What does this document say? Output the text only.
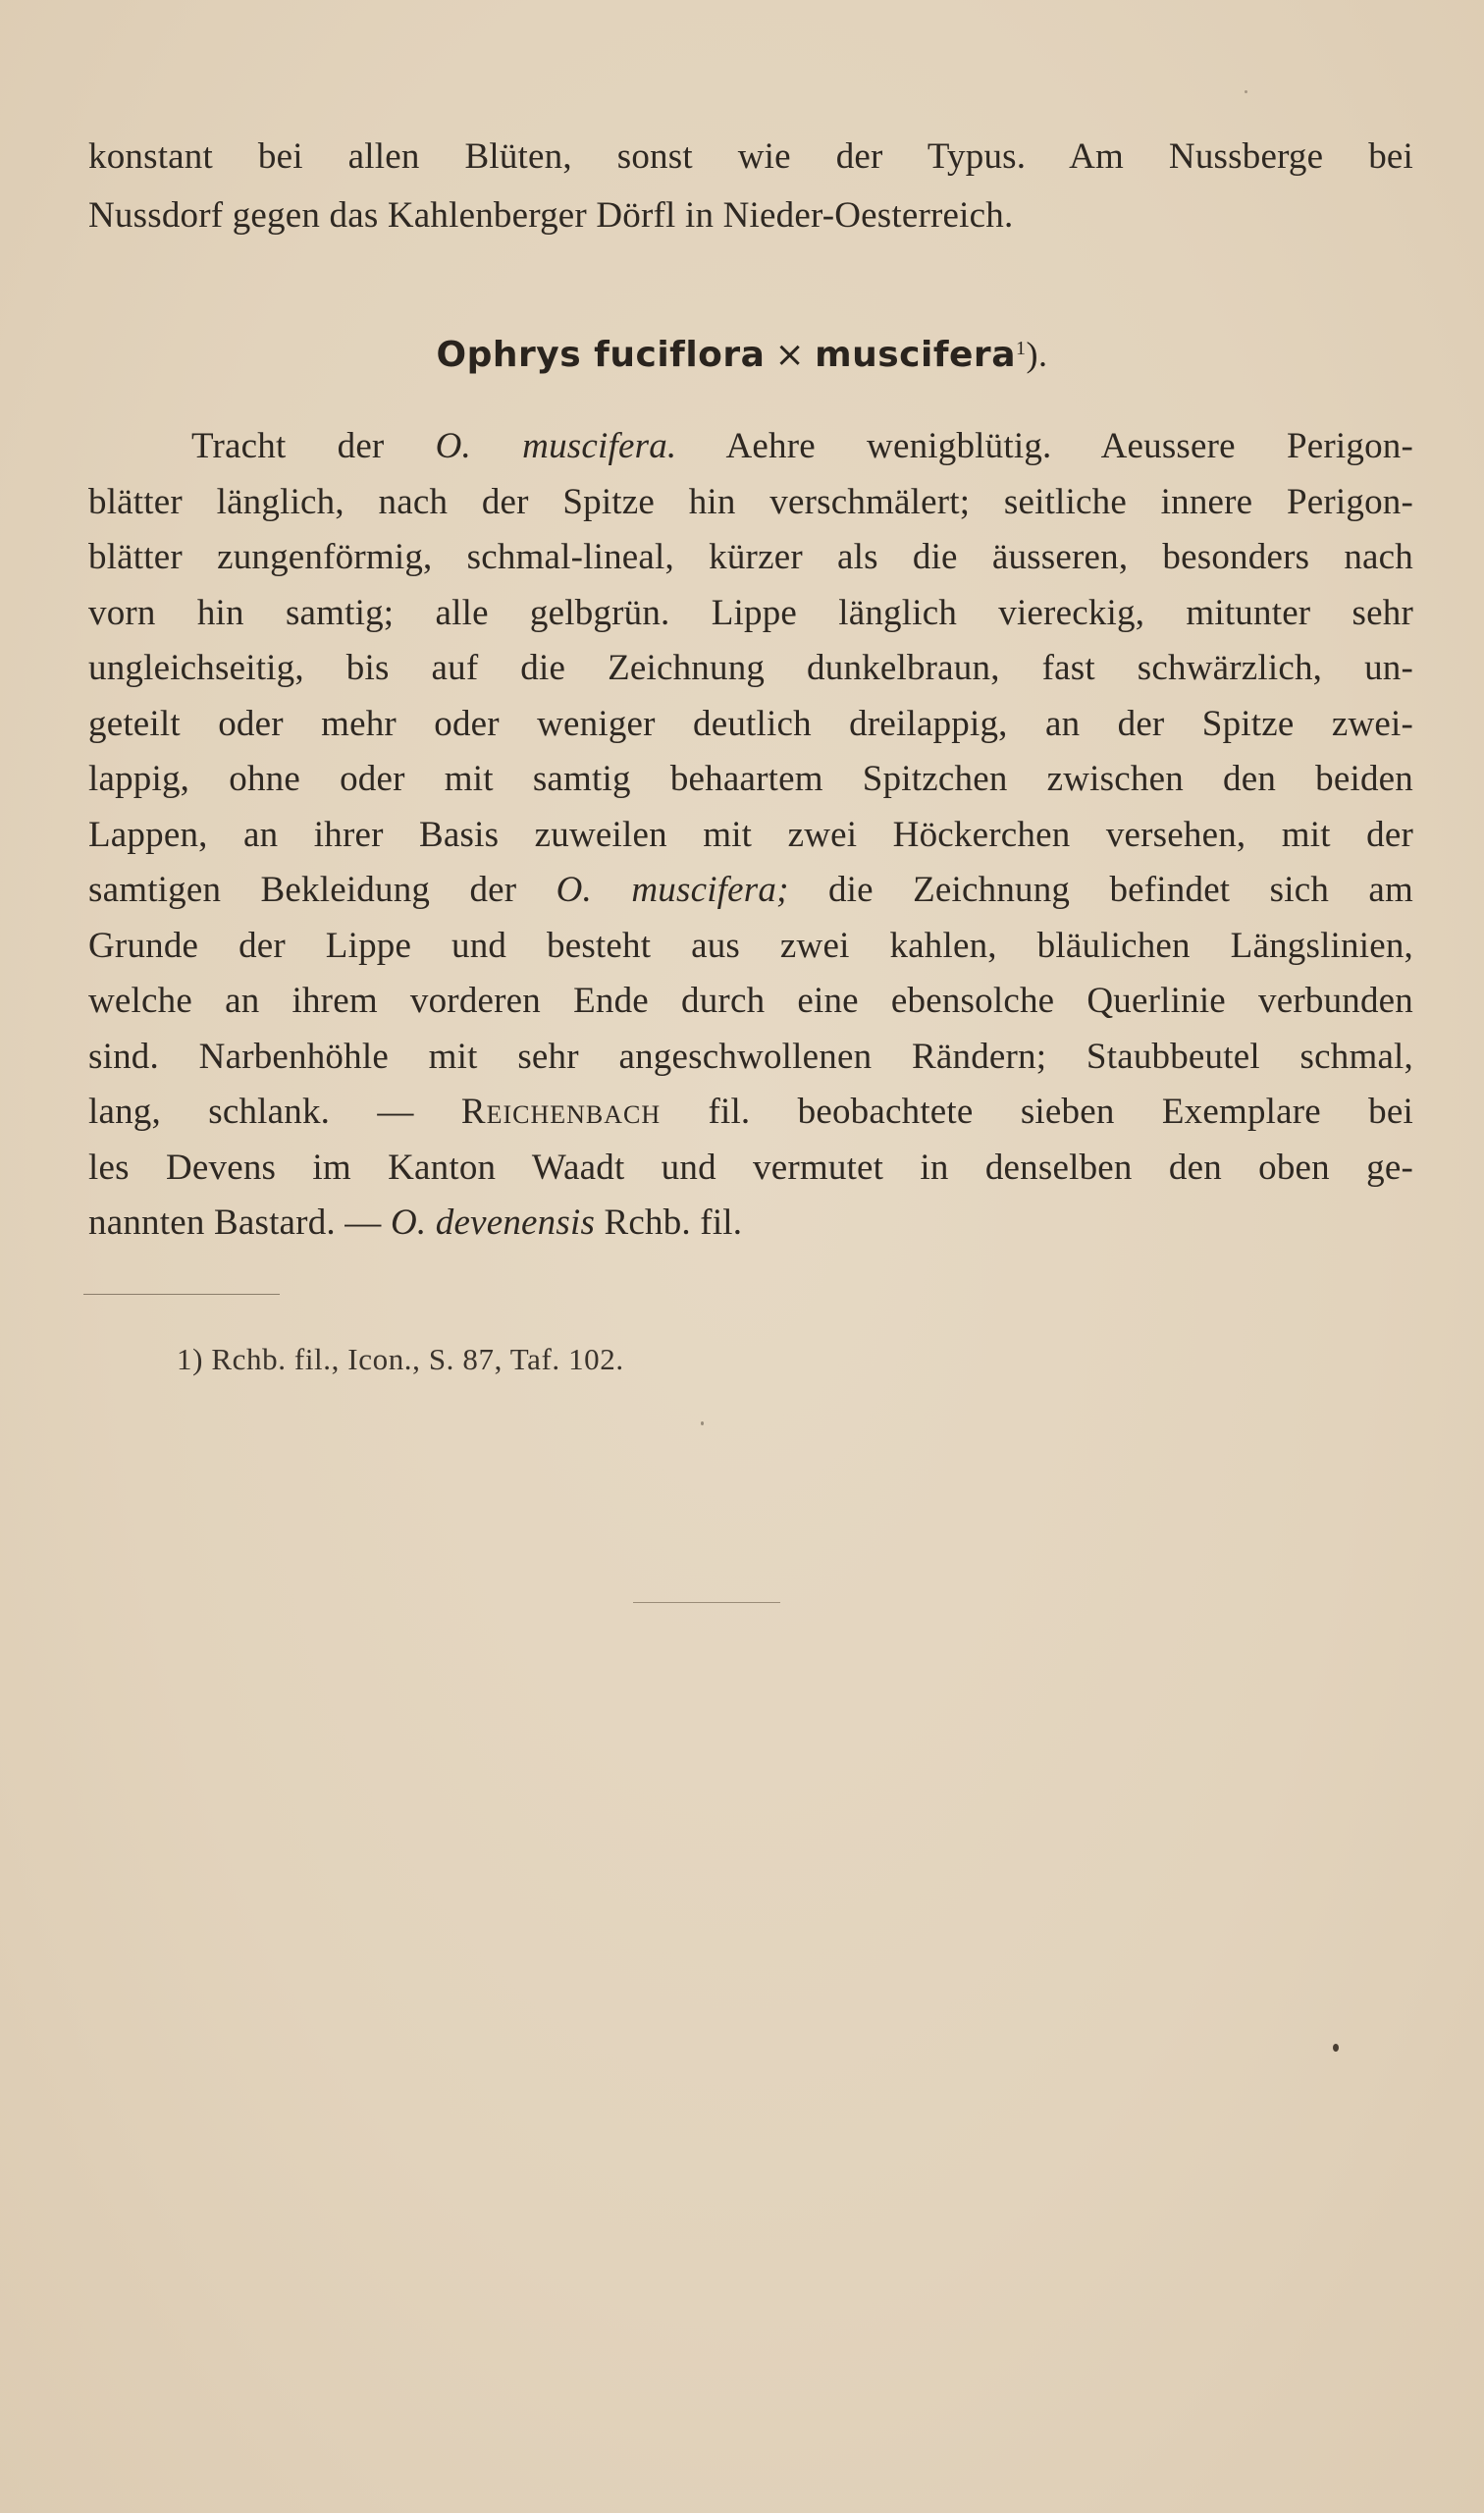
konstant bei allen Blüten, sonst wie der Typus. Am Nussberge bei
Nussdorf gegen das Kahlenberger Dörfl in Nieder-Oesterreich.
Ophrys fuciflora × muscifera$^1$).
Tracht der O. muscifera. Aehre wenigblütig. Aeussere Perigon-
blätter länglich, nach der Spitze hin verschmälert; seitliche innere Perigon-
blätter zungenförmig, schmal-lineal, kürzer als die äusseren, besonders nach
vorn hin samtig; alle gelbgrün. Lippe länglich viereckig, mitunter sehr
ungleichseitig, bis auf die Zeichnung dunkelbraun, fast schwärzlich, un-
geteilt oder mehr oder weniger deutlich dreilappig, an der Spitze zwei-
lappig, ohne oder mit samtig behaartem Spitzchen zwischen den beiden
Lappen, an ihrer Basis zuweilen mit zwei Höckerchen versehen, mit der
samtigen Bekleidung der O. muscifera; die Zeichnung befindet sich am
Grunde der Lippe und besteht aus zwei kahlen, bläulichen Längslinien,
welche an ihrem vorderen Ende durch eine ebensolche Querlinie verbunden
sind. Narbenhöhle mit sehr angeschwollenen Rändern; Staubbeutel schmal,
lang, schlank. — Reichenbach fil. beobachtete sieben Exemplare bei
les Devens im Kanton Waadt und vermutet in denselben den oben ge-
nannten Bastard. — O. devenensis Rchb. fil.
1) Rchb. fil., Icon., S. 87, Taf. 102.
